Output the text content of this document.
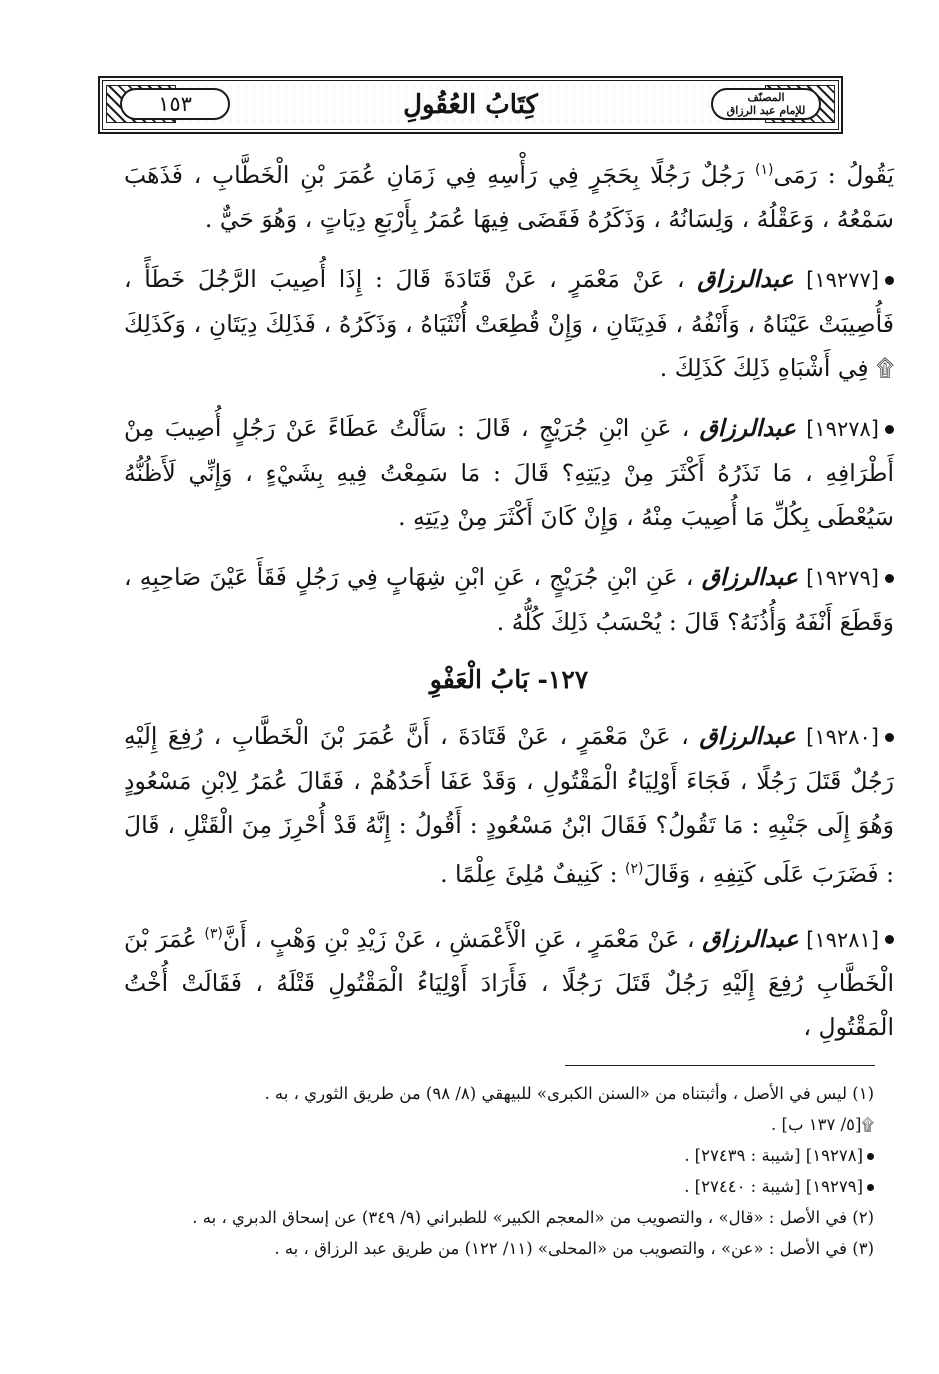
المصنّف
للإمام عبد الرزاق
كِتَابُ العُقُولِ
١٥٣

يَقُولُ : رَمَى$^{(١)}$ رَجُلٌ رَجُلًا بِحَجَرٍ فِي رَأْسِهِ فِي زَمَانِ عُمَرَ بْنِ الْخَطَّابِ ، فَذَهَبَ سَمْعُهُ ، وَعَقْلُهُ ، وَلِسَانُهُ ، وَذَكَرُهُ فَقَضَى فِيهَا عُمَرُ بِأَرْبَعِ دِيَاتٍ ، وَهُوَ حَيٌّ .

[١٩٢٧٧] عبدالرزاق ، عَنْ مَعْمَرٍ ، عَنْ قَتَادَةَ قَالَ : إِذَا أُصِيبَ الرَّجُلَ خَطَأً ، فَأُصِيبَتْ عَيْنَاهُ ، وَأَنْفُهُ ، فَدِيَتَانِ ، وَإِنْ قُطِعَتْ أُنْثَيَاهُ ، وَذَكَرُهُ ، فَذَلِكَ دِيَتَانِ ، وَكَذَلِكَ ۩ فِي أَشْبَاهِ ذَلِكَ كَذَلِكَ .

[١٩٢٧٨] عبدالرزاق ، عَنِ ابْنِ جُرَيْجٍ ، قَالَ : سَأَلْتُ عَطَاءً عَنْ رَجُلٍ أُصِيبَ مِنْ أَطْرَافِهِ ، مَا نَذَرُهُ أَكْثَرَ مِنْ دِيَتِهِ؟ قَالَ : مَا سَمِعْتُ فِيهِ بِشَيْءٍ ، وَإِنِّي لَأَظُنُّهُ سَيُعْطَى بِكُلِّ مَا أُصِيبَ مِنْهُ ، وَإِنْ كَانَ أَكْثَرَ مِنْ دِيَتِهِ .

[١٩٢٧٩] عبدالرزاق ، عَنِ ابْنِ جُرَيْجٍ ، عَنِ ابْنِ شِهَابٍ فِي رَجُلٍ فَقَأَ عَيْنَ صَاحِبِهِ ، وَقَطَعَ أَنْفَهُ وَأُذُنَهُ؟ قَالَ : يُحْسَبُ ذَلِكَ كُلُّهُ .

١٢٧- بَابُ الْعَفْوِ

[١٩٢٨٠] عبدالرزاق ، عَنْ مَعْمَرٍ ، عَنْ قَتَادَةَ ، أَنَّ عُمَرَ بْنَ الْخَطَّابِ ، رُفِعَ إِلَيْهِ رَجُلٌ قَتَلَ رَجُلًا ، فَجَاءَ أَوْلِيَاءُ الْمَقْتُولِ ، وَقَدْ عَفَا أَحَدُهُمْ ، فَقَالَ عُمَرُ لِابْنِ مَسْعُودٍ وَهُوَ إِلَى جَنْبِهِ : مَا تَقُولُ؟ فَقَالَ ابْنُ مَسْعُودٍ : أَقُولُ : إِنَّهُ قَدْ أُحْرِزَ مِنَ الْقَتْلِ ، قَالَ : فَضَرَبَ عَلَى كَتِفِهِ ، وَقَالَ$^{(٢)}$ : كَنِيفٌ مُلِئَ عِلْمًا .

[١٩٢٨١] عبدالرزاق ، عَنْ مَعْمَرٍ ، عَنِ الْأَعْمَشِ ، عَنْ زَيْدِ بْنِ وَهْبٍ ، أَنَّ$^{(٣)}$ عُمَرَ بْنَ الْخَطَّابِ رُفِعَ إِلَيْهِ رَجُلٌ قَتَلَ رَجُلًا ، فَأَرَادَ أَوْلِيَاءُ الْمَقْتُولِ قَتْلَهُ ، فَقَالَتْ أُخْتُ الْمَقْتُولِ ،

(١) ليس في الأصل ، وأثبتناه من «السنن الكبرى» للبيهقي (٨/ ٩٨) من طريق الثوري ، به .
۩[٥/ ١٣٧ ب] .
[١٩٢٧٨] [شيبة : ٢٧٤٣٩] .
[١٩٢٧٩] [شيبة : ٢٧٤٤٠] .
(٢) في الأصل : «قال» ، والتصويب من «المعجم الكبير» للطبراني (٩/ ٣٤٩) عن إسحاق الدبري ، به .
(٣) في الأصل : «عن» ، والتصويب من «المحلى» (١١/ ١٢٢) من طريق عبد الرزاق ، به .
